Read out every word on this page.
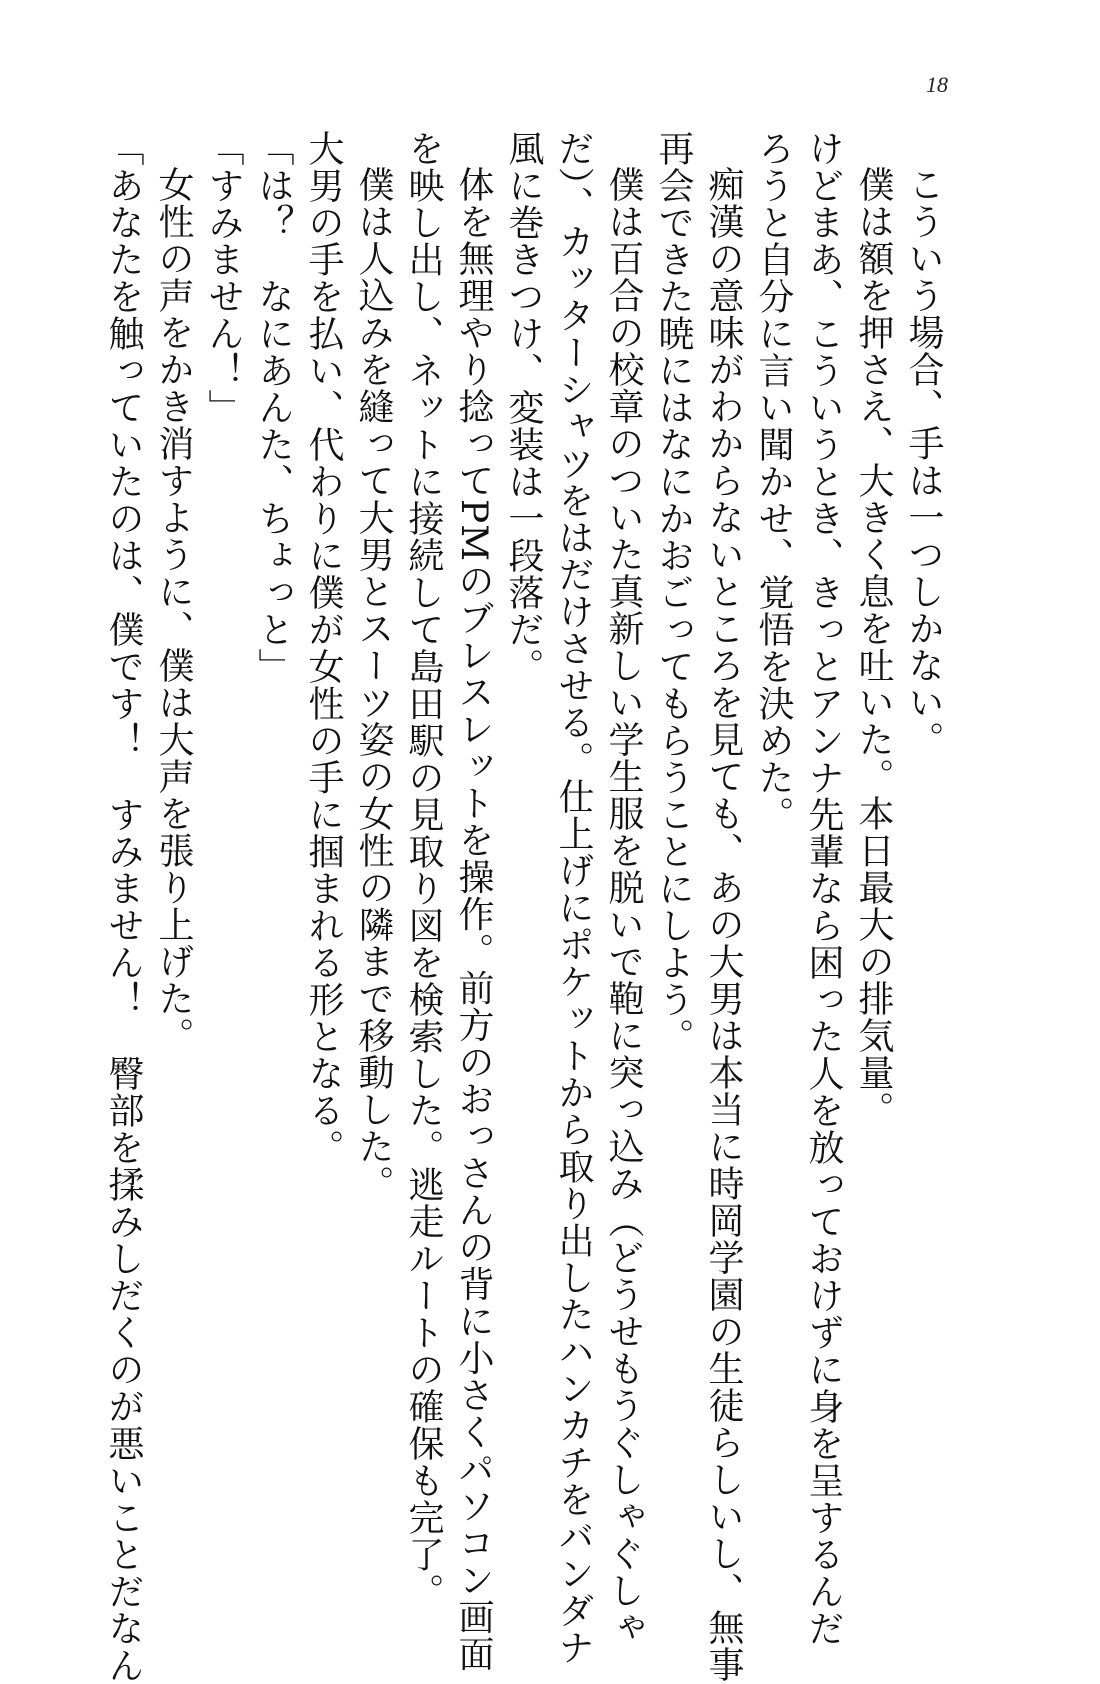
18

こういう場合、手は一つしかない。

僕は額を押さえ、大きく息を吐いた。本日最大の排気量。

けどまあ、こういうとき、きっとアンナ先輩なら困った人を放っておけずに身を呈するんだ

ろうと自分に言い聞かせ、覚悟を決めた。

痴漢の意味がわからないところを見ても、あの大男は本当に時岡学園の生徒らしいし、無事

再会できた暁にはなにかおごってもらうことにしよう。

僕は百合の校章のついた真新しい学生服を脱いで鞄に突っ込み（どうせもうぐしゃぐしゃ

だ）、カッターシャツをはだけさせる。仕上げにポケットから取り出したハンカチをバンダナ

風に巻きつけ、変装は一段落だ。

体を無理やり捻ってPMのブレスレットを操作。前方のおっさんの背に小さくパソコン画面

を映し出し、ネットに接続して島田駅の見取り図を検索した。逃走ルートの確保も完了。

僕は人込みを縫って大男とスーツ姿の女性の隣まで移動した。

大男の手を払い、代わりに僕が女性の手に掴まれる形となる。

「は？　なにあんた、ちょっと」

「すみません！」

女性の声をかき消すように、僕は大声を張り上げた。

「あなたを触っていたのは、僕です！　すみません！　臀部を揉みしだくのが悪いことだなん
